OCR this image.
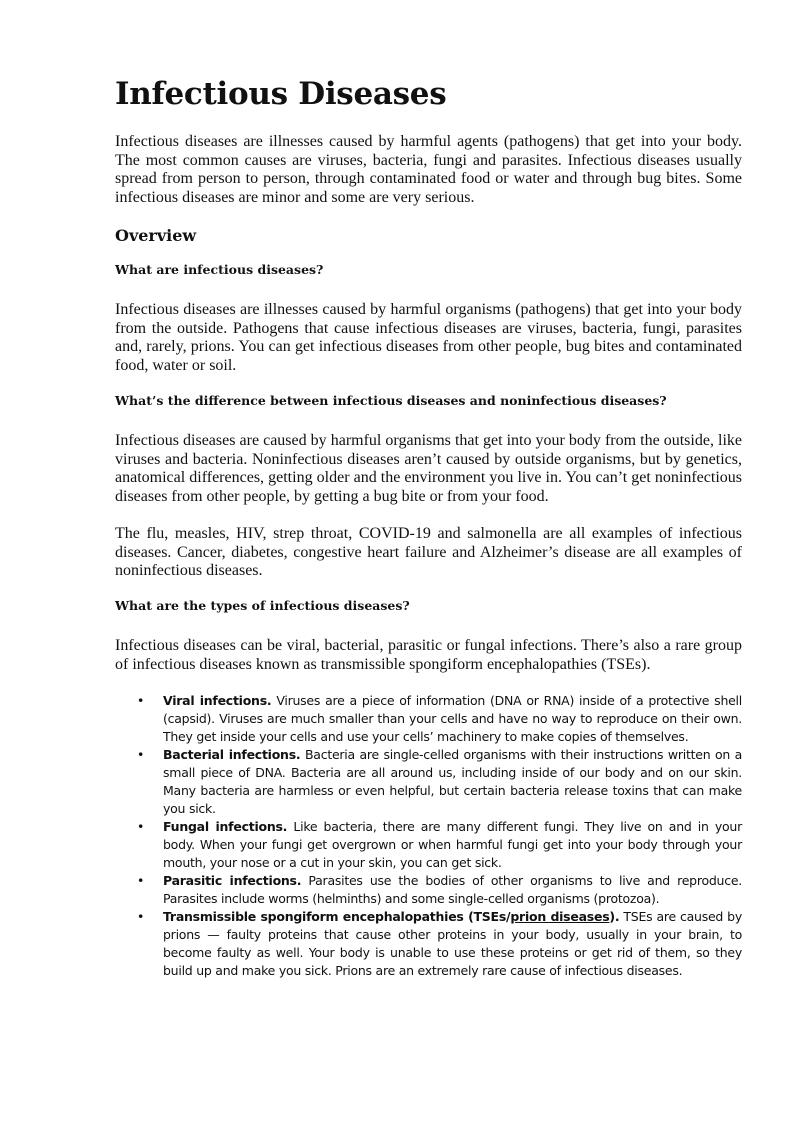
Infectious Diseases

Infectious diseases are illnesses caused by harmful agents (pathogens) that get into your body. The most common causes are viruses, bacteria, fungi and parasites. Infectious diseases usually spread from person to person, through contaminated food or water and through bug bites. Some infectious diseases are minor and some are very serious.

Overview
What are infectious diseases?

Infectious diseases are illnesses caused by harmful organisms (pathogens) that get into your body from the outside. Pathogens that cause infectious diseases are viruses, bacteria, fungi, parasites and, rarely, prions. You can get infectious diseases from other people, bug bites and contaminated food, water or soil.

What’s the difference between infectious diseases and noninfectious diseases?

Infectious diseases are caused by harmful organisms that get into your body from the outside, like viruses and bacteria. Noninfectious diseases aren’t caused by outside organisms, but by genetics, anatomical differences, getting older and the environment you live in. You can’t get noninfectious diseases from other people, by getting a bug bite or from your food.

The flu, measles, HIV, strep throat, COVID-19 and salmonella are all examples of infectious diseases. Cancer, diabetes, congestive heart failure and Alzheimer’s disease are all examples of noninfectious diseases.

What are the types of infectious diseases?

Infectious diseases can be viral, bacterial, parasitic or fungal infections. There’s also a rare group of infectious diseases known as transmissible spongiform encephalopathies (TSEs).

• Viral infections. Viruses are a piece of information (DNA or RNA) inside of a protective shell (capsid). Viruses are much smaller than your cells and have no way to reproduce on their own. They get inside your cells and use your cells’ machinery to make copies of themselves.
• Bacterial infections. Bacteria are single-celled organisms with their instructions written on a small piece of DNA. Bacteria are all around us, including inside of our body and on our skin. Many bacteria are harmless or even helpful, but certain bacteria release toxins that can make you sick.
• Fungal infections. Like bacteria, there are many different fungi. They live on and in your body. When your fungi get overgrown or when harmful fungi get into your body through your mouth, your nose or a cut in your skin, you can get sick.
• Parasitic infections. Parasites use the bodies of other organisms to live and reproduce. Parasites include worms (helminths) and some single-celled organisms (protozoa).
• Transmissible spongiform encephalopathies (TSEs/prion diseases). TSEs are caused by prions — faulty proteins that cause other proteins in your body, usually in your brain, to become faulty as well. Your body is unable to use these proteins or get rid of them, so they build up and make you sick. Prions are an extremely rare cause of infectious diseases.
